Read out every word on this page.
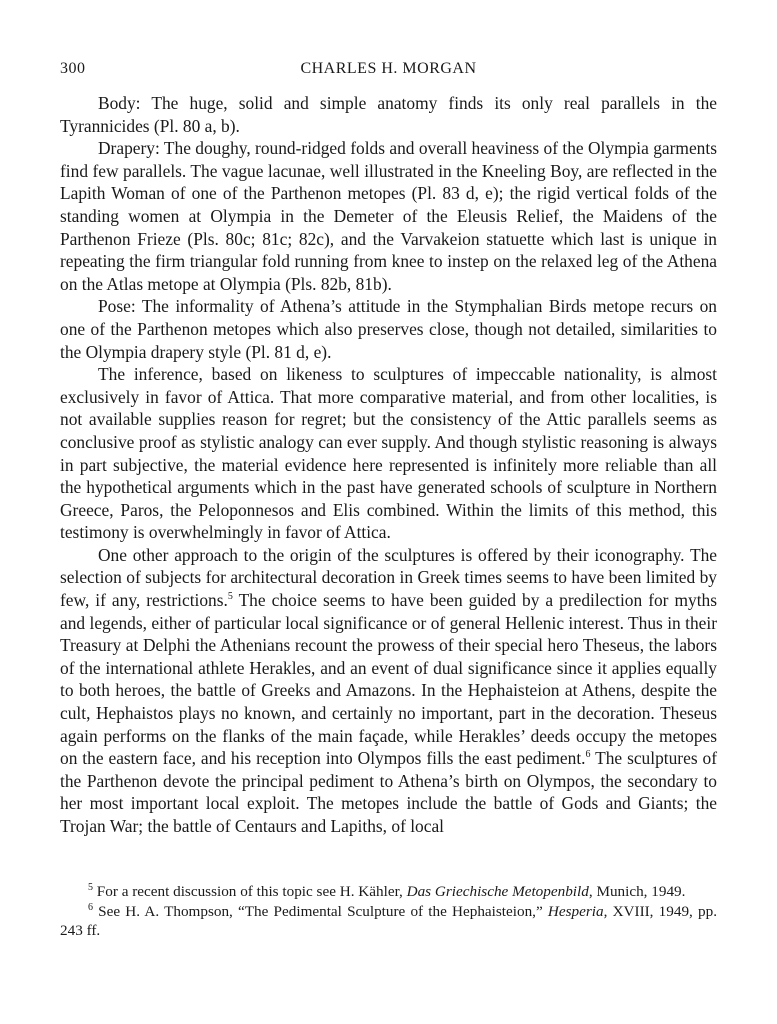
300	CHARLES H. MORGAN

Body: The huge, solid and simple anatomy finds its only real parallels in the Tyrannicides (Pl. 80 a, b).

Drapery: The doughy, round-ridged folds and overall heaviness of the Olympia garments find few parallels. The vague lacunae, well illustrated in the Kneeling Boy, are reflected in the Lapith Woman of one of the Parthenon metopes (Pl. 83 d, e); the rigid vertical folds of the standing women at Olympia in the Demeter of the Eleusis Relief, the Maidens of the Parthenon Frieze (Pls. 80c; 81c; 82c), and the Varvakeion statuette which last is unique in repeating the firm triangular fold running from knee to instep on the relaxed leg of the Athena on the Atlas metope at Olympia (Pls. 82b, 81b).

Pose: The informality of Athena’s attitude in the Stymphalian Birds metope recurs on one of the Parthenon metopes which also preserves close, though not detailed, similarities to the Olympia drapery style (Pl. 81 d, e).

The inference, based on likeness to sculptures of impeccable nationality, is almost exclusively in favor of Attica. That more comparative material, and from other localities, is not available supplies reason for regret; but the consistency of the Attic parallels seems as conclusive proof as stylistic analogy can ever supply. And though stylistic reasoning is always in part subjective, the material evidence here represented is infinitely more reliable than all the hypothetical arguments which in the past have generated schools of sculpture in Northern Greece, Paros, the Peloponnesos and Elis combined. Within the limits of this method, this testimony is overwhelmingly in favor of Attica.

One other approach to the origin of the sculptures is offered by their iconography. The selection of subjects for architectural decoration in Greek times seems to have been limited by few, if any, restrictions.$^5$ The choice seems to have been guided by a predilection for myths and legends, either of particular local significance or of general Hellenic interest. Thus in their Treasury at Delphi the Athenians recount the prowess of their special hero Theseus, the labors of the international athlete Herakles, and an event of dual significance since it applies equally to both heroes, the battle of Greeks and Amazons. In the Hephaisteion at Athens, despite the cult, Hephaistos plays no known, and certainly no important, part in the decoration. Theseus again performs on the flanks of the main façade, while Herakles’ deeds occupy the metopes on the eastern face, and his reception into Olympos fills the east pediment.$^6$ The sculptures of the Parthenon devote the principal pediment to Athena’s birth on Olympos, the secondary to her most important local exploit. The metopes include the battle of Gods and Giants; the Trojan War; the battle of Centaurs and Lapiths, of local

$^5$ For a recent discussion of this topic see H. Kähler, Das Griechische Metopenbild, Munich, 1949.

$^6$ See H. A. Thompson, “The Pedimental Sculpture of the Hephaisteion,” Hesperia, XVIII, 1949, pp. 243 ff.
